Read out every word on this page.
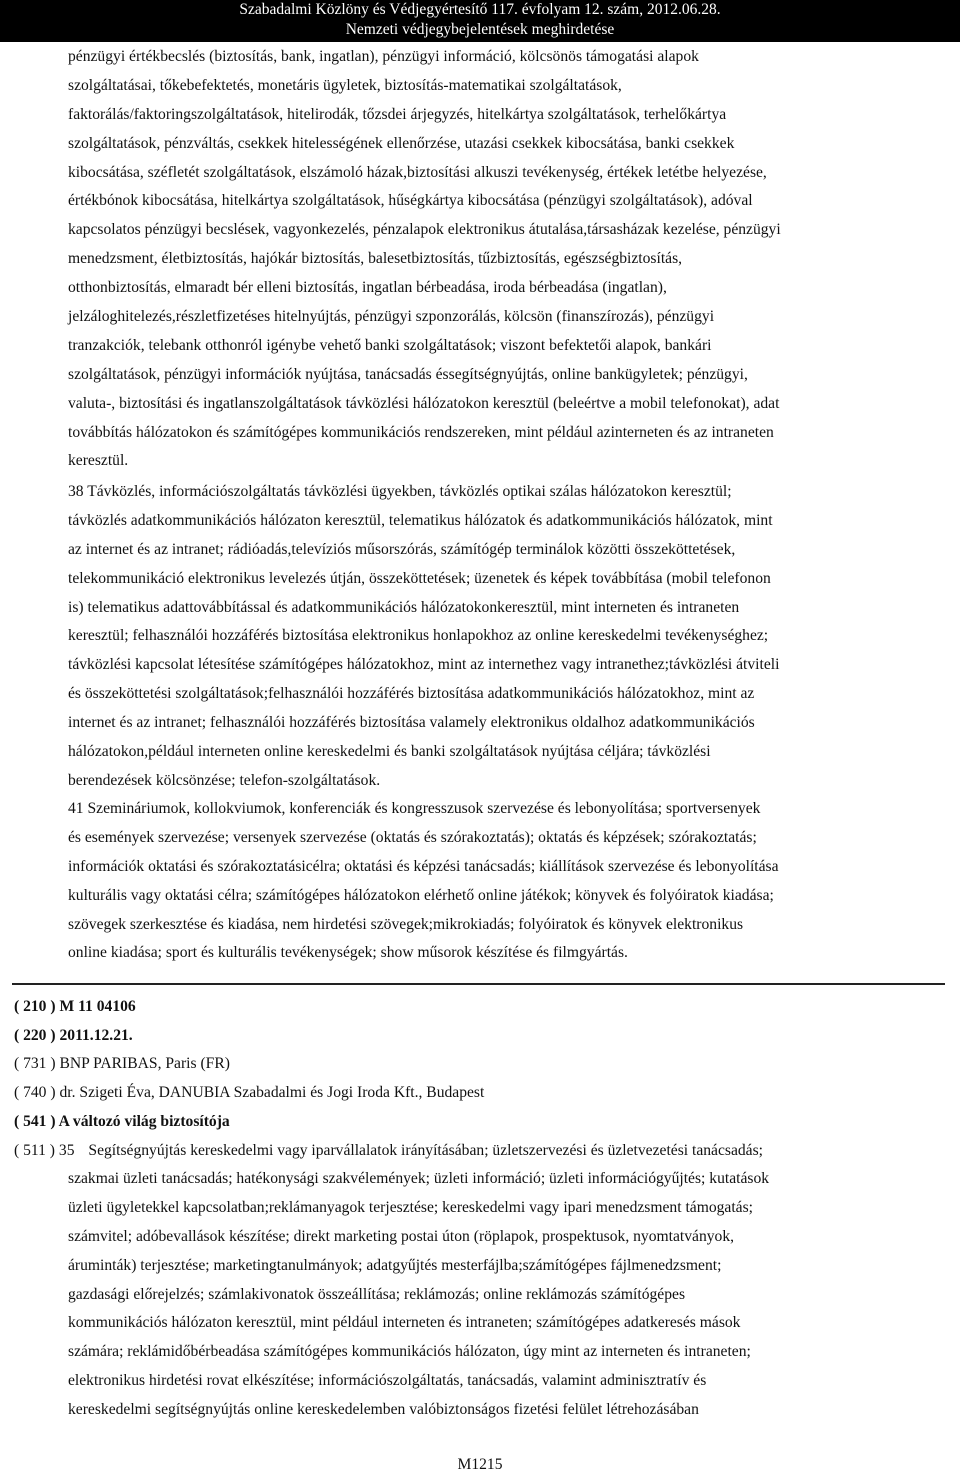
Szabadalmi Közlöny és Védjegyértesítő 117. évfolyam 12. szám, 2012.06.28.
Nemzeti védjegybejelentések meghirdetése
pénzügyi értékbecslés (biztosítás, bank, ingatlan), pénzügyi információ, kölcsönös támogatási alapok
szolgáltatásai, tőkebefektetés, monetáris ügyletek, biztosítás-matematikai szolgáltatások,
faktorálás/faktoringszolgáltatások, hitelirodák, tőzsdei árjegyzés, hitelkártya szolgáltatások, terhelőkártya
szolgáltatások, pénzváltás, csekkek hitelességének ellenőrzése, utazási csekkek kibocsátása, banki csekkek
kibocsátása, széfletét szolgáltatások, elszámoló házak,biztosítási alkuszi tevékenység, értékek letétbe helyezése,
értékbónok kibocsátása, hitelkártya szolgáltatások, hűségkártya kibocsátása (pénzügyi szolgáltatások), adóval
kapcsolatos pénzügyi becslések, vagyonkezelés, pénzalapok elektronikus átutalása,társasházak kezelése, pénzügyi
menedzsment, életbiztosítás, hajókár biztosítás, balesetbiztosítás, tűzbiztosítás, egészségbiztosítás,
otthonbiztosítás, elmaradt bér elleni biztosítás, ingatlan bérbeadása, iroda bérbeadása (ingatlan),
jelzáloghitelezés,részletfizetéses hitelnyújtás, pénzügyi szponzorálás, kölcsön (finanszírozás), pénzügyi
tranzakciók, telebank otthonról igénybe vehető banki szolgáltatások; viszont befektetői alapok, bankári
szolgáltatások, pénzügyi információk nyújtása, tanácsadás éssegítségnyújtás, online bankügyletek; pénzügyi,
valuta-, biztosítási és ingatlanszolgáltatások távközlési hálózatokon keresztül (beleértve a mobil telefonokat), adat
továbbítás hálózatokon és számítógépes kommunikációs rendszereken, mint például azinterneten és az intraneten
keresztül.
38 Távközlés, információszolgáltatás távközlési ügyekben, távközlés optikai szálas hálózatokon keresztül;
távközlés adatkommunikációs hálózaton keresztül, telematikus hálózatok és adatkommunikációs hálózatok, mint
az internet és az intranet; rádióadás,televíziós műsorszórás, számítógép terminálok közötti összeköttetések,
telekommunikáció elektronikus levelezés útján, összeköttetések; üzenetek és képek továbbítása (mobil telefonon
is) telematikus adattovábbítással és adatkommunikációs hálózatokonkeresztül, mint interneten és intraneten
keresztül; felhasználói hozzáférés biztosítása elektronikus honlapokhoz az online kereskedelmi tevékenységhez;
távközlési kapcsolat létesítése számítógépes hálózatokhoz, mint az internethez vagy intranethez;távközlési átviteli
és összeköttetési szolgáltatások;felhasználói hozzáférés biztosítása adatkommunikációs hálózatokhoz, mint az
internet és az intranet; felhasználói hozzáférés biztosítása valamely elektronikus oldalhoz adatkommunikációs
hálózatokon,például interneten online kereskedelmi és banki szolgáltatások nyújtása céljára; távközlési
berendezések kölcsönzése; telefon-szolgáltatások.
41 Szemináriumok, kollokviumok, konferenciák és kongresszusok szervezése és lebonyolítása; sportversenyek
és események szervezése; versenyek szervezése (oktatás és szórakoztatás); oktatás és képzések; szórakoztatás;
információk oktatási és szórakoztatásicélra; oktatási és képzési tanácsadás; kiállítások szervezése és lebonyolítása
kulturális vagy oktatási célra; számítógépes hálózatokon elérhető online játékok; könyvek és folyóiratok kiadása;
szövegek szerkesztése és kiadása, nem hirdetési szövegek;mikrokiadás; folyóiratok és könyvek elektronikus
online kiadása; sport és kulturális tevékenységek; show műsorok készítése és filmgyártás.
( 210 ) M 11 04106
( 220 ) 2011.12.21.
( 731 ) BNP PARIBAS, Paris (FR)
( 740 ) dr. Szigeti Éva, DANUBIA Szabadalmi és Jogi Iroda Kft., Budapest
( 541 ) A változó világ biztosítója
( 511 ) 35 Segítségnyújtás kereskedelmi vagy iparvállalatok irányításában; üzletszervezési és üzletvezetési tanácsadás;
szakmai üzleti tanácsadás; hatékonysági szakvélemények; üzleti információ; üzleti információgyűjtés; kutatások
üzleti ügyletekkel kapcsolatban;reklámanyagok terjesztése; kereskedelmi vagy ipari menedzsment támogatás;
számvitel; adóbevallások készítése; direkt marketing postai úton (röplapok, prospektusok, nyomtatványok,
áruminták) terjesztése; marketingtanulmányok; adatgyűjtés mesterfájlba;számítógépes fájlmenedzsment;
gazdasági előrejelzés; számlakivonatok összeállítása; reklámozás; online reklámozás számítógépes
kommunikációs hálózaton keresztül, mint például interneten és intraneten; számítógépes adatkeresés mások
számára; reklámidőbérbeadása számítógépes kommunikációs hálózaton, úgy mint az interneten és intraneten;
elektronikus hirdetési rovat elkészítése; információszolgáltatás, tanácsadás, valamint adminisztratív és
kereskedelmi segítségnyújtás online kereskedelemben valóbiztonságos fizetési felület létrehozásában
M1215
